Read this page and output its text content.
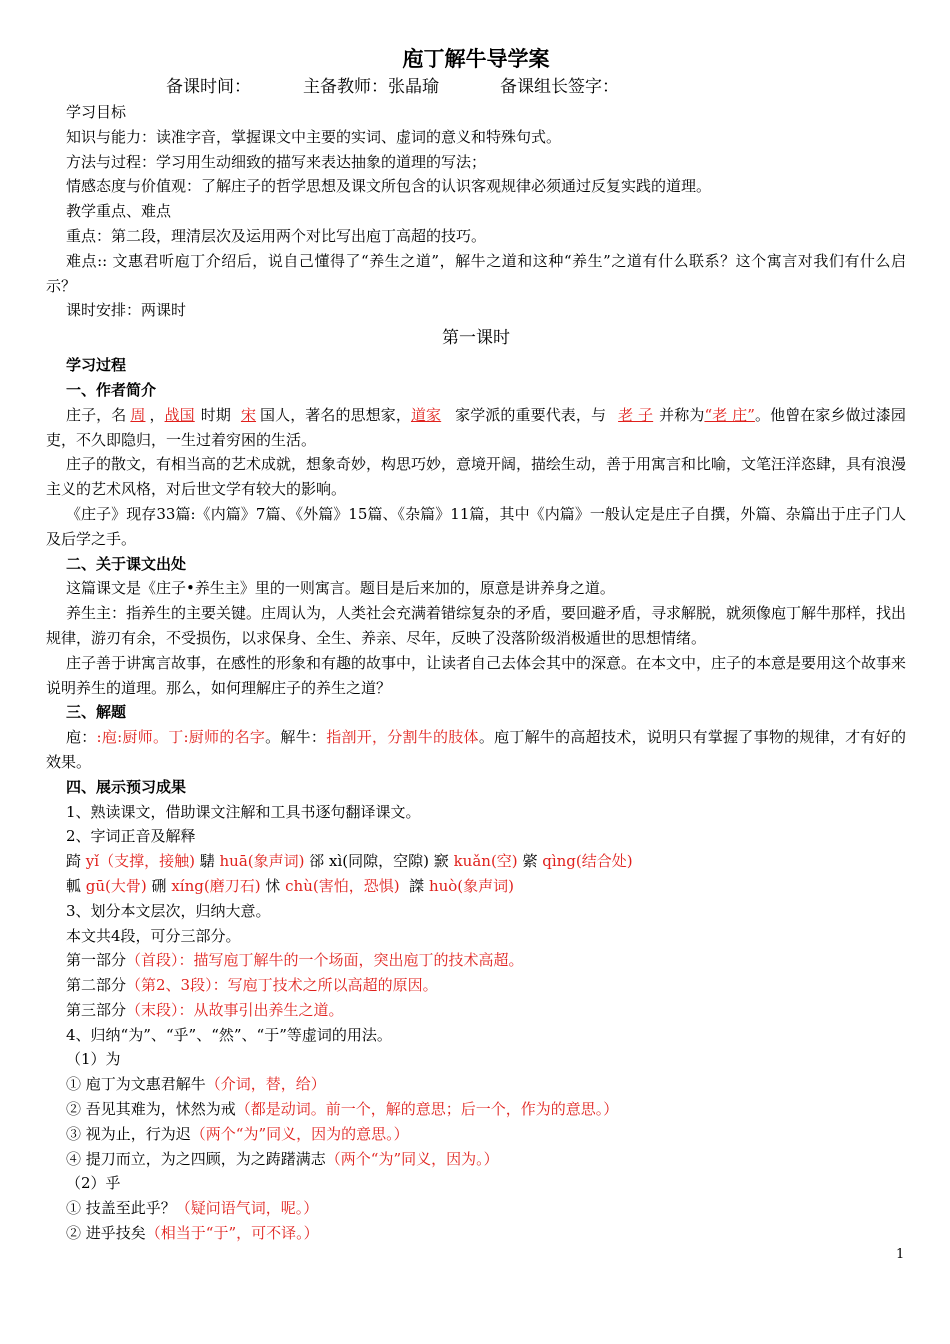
庖丁解牛导学案
备课时间：	主备教师：张晶瑜	备课组长签字：

学习目标

知识与能力：读准字音，掌握课文中主要的实词、虚词的意义和特殊句式。

方法与过程：学习用生动细致的描写来表达抽象的道理的写法；

情感态度与价值观：了解庄子的哲学思想及课文所包含的认识客观规律必须通过反复实践的道理。

教学重点、难点

重点：第二段，理清层次及运用两个对比写出庖丁高超的技巧。

难点:: 文惠君听庖丁介绍后，说自己懂得了“养生之道”，解牛之道和这种“养生”之道有什么联系？这个寓言对我们有什么启示？

课时安排：两课时

第一课时

学习过程

一、作者简介

庄子，名 周 ，战国 时期 宋 国人，著名的思想家，道家 家学派的重要代表，与 老 子 并称为“老 庄”。他曾在家乡做过漆园吏，不久即隐归，一生过着穷困的生活。

庄子的散文，有相当高的艺术成就，想象奇妙，构思巧妙，意境开阔，描绘生动，善于用寓言和比喻，文笔汪洋恣肆，具有浪漫主义的艺术风格，对后世文学有较大的影响。

《庄子》现存33篇:《内篇》7篇、《外篇》15篇、《杂篇》11篇，其中《内篇》一般认定是庄子自撰，外篇、杂篇出于庄子门人及后学之手。

二、关于课文出处

这篇课文是《庄子•养生主》里的一则寓言。题目是后来加的，原意是讲养身之道。

养生主：指养生的主要关键。庄周认为，人类社会充满着错综复杂的矛盾，要回避矛盾，寻求解脱，就须像庖丁解牛那样，找出规律，游刃有余，不受损伤，以求保身、全生、养亲、尽年，反映了没落阶级消极遁世的思想情绪。

庄子善于讲寓言故事，在感性的形象和有趣的故事中，让读者自己去体会其中的深意。在本文中，庄子的本意是要用这个故事来说明养生的道理。那么，如何理解庄子的养生之道？

三、解题

庖：:庖:厨师。丁:厨师的名字。解牛：指剖开，分割牛的肢体。庖丁解牛的高超技术，说明只有掌握了事物的规律，才有好的效果。

四、展示预习成果

1、熟读课文，借助课文注解和工具书逐句翻译课文。

2、字词正音及解释

踦 yǐ（支撑，接触) 騞 huā(象声词) 郤 xì(同隙，空隙) 窾 kuǎn(空) 綮 qìng(结合处)

軱 gū(大骨) 硎 xíng(磨刀石) 怵 chù(害怕，恐惧) 謋 huò(象声词)

3、划分本文层次，归纳大意。

本文共4段，可分三部分。

第一部分（首段）：描写庖丁解牛的一个场面，突出庖丁的技术高超。

第二部分（第2、3段）：写庖丁技术之所以高超的原因。

第三部分（末段）：从故事引出养生之道。

4、归纳“为”、“乎”、“然”、“于”等虚词的用法。

（1）为

① 庖丁为文惠君解牛（介词，替，给）

② 吾见其难为，怵然为戒（都是动词。前一个，解的意思；后一个，作为的意思。）

③ 视为止，行为迟（两个“为”同义，因为的意思。）

④ 提刀而立，为之四顾，为之踌躇满志（两个“为”同义，因为。）

（2）乎

① 技盖至此乎？（疑问语气词，呢。）

② 进乎技矣（相当于“于”，可不译。）

1
